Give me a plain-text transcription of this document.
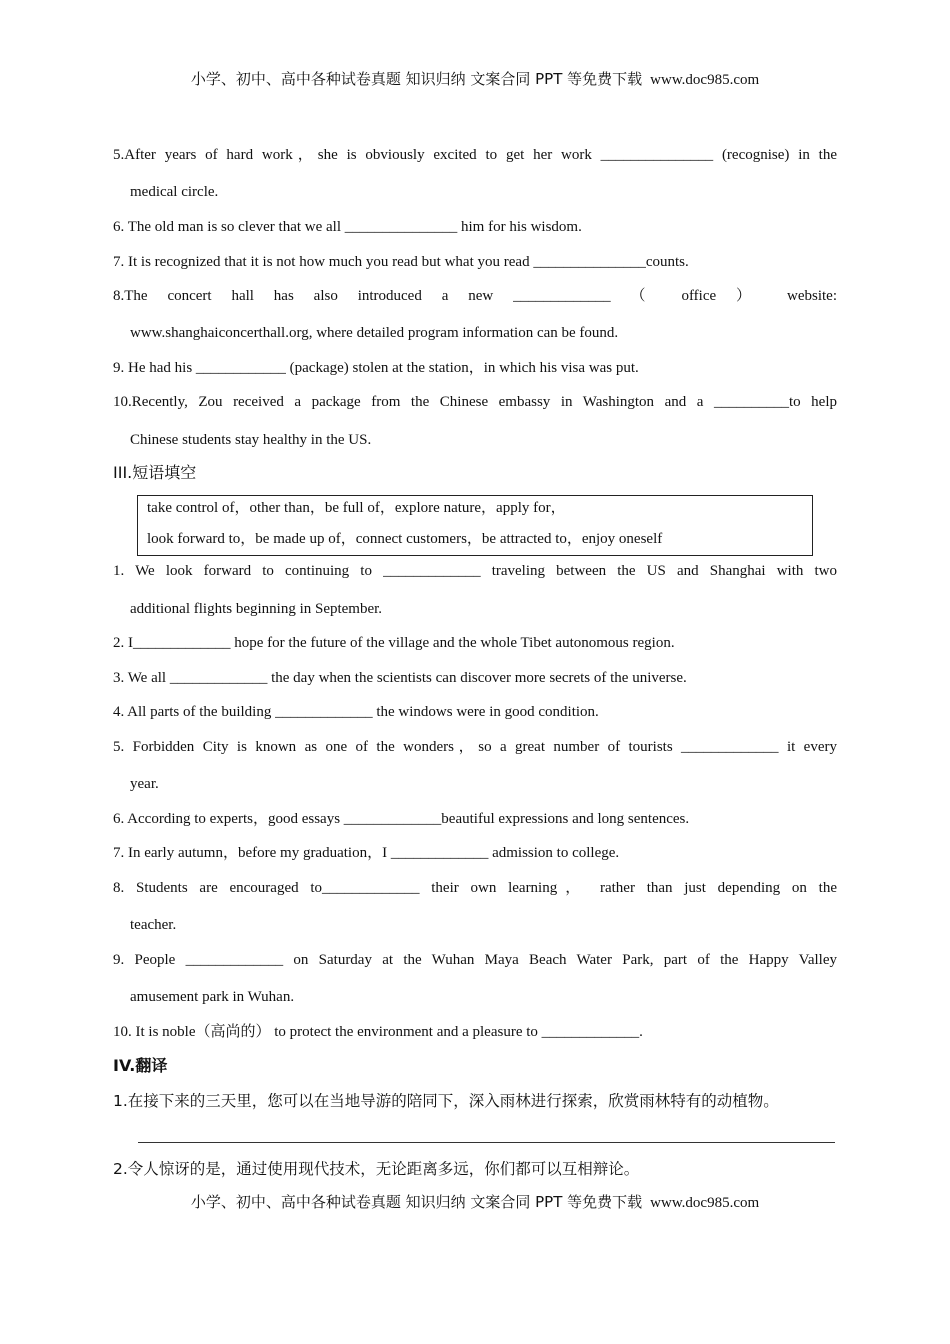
小学、初中、高中各种试卷真题 知识归纳 文案合同 PPT 等免费下载 www.doc985.com
5.After years of hard work，she is obviously excited to get her work _______________ (recognise) in the
medical circle.
6. The old man is so clever that we all _______________ him for his wisdom.
7. It is recognized that it is not how much you read but what you read _______________counts.
8.The concert hall has also introduced a new _____________ （ office ） website:
www.shanghaiconcerthall.org, where detailed program information can be found.
9. He had his ____________ (package) stolen at the station，in which his visa was put.
10.Recently, Zou received a package from the Chinese embassy in Washington and a __________to help
Chinese students stay healthy in the US.
III.短语填空
take control of，other than，be full of，explore nature，apply for，
look forward to，be made up of，connect customers，be attracted to，enjoy oneself
1. We look forward to continuing to _____________ traveling between the US and Shanghai with two
additional flights beginning in September.
2. I_____________ hope for the future of the village and the whole Tibet autonomous region.
3. We all _____________ the day when the scientists can discover more secrets of the universe.
4. All parts of the building _____________ the windows were in good condition.
5. Forbidden City is known as one of the wonders，so a great number of tourists _____________ it every
year.
6. According to experts，good essays _____________beautiful expressions and long sentences.
7. In early autumn，before my graduation，I _____________ admission to college.
8. Students are encouraged to_____________ their own learning， rather than just depending on the
teacher.
9. People _____________ on Saturday at the Wuhan Maya Beach Water Park, part of the Happy Valley
amusement park in Wuhan.
10. It is noble（高尚的） to protect the environment and a pleasure to _____________.
IV.翻译
1.在接下来的三天里，您可以在当地导游的陪同下，深入雨林进行探索，欣赏雨林特有的动植物。
2.令人惊讶的是，通过使用现代技术，无论距离多远，你们都可以互相辩论。
小学、初中、高中各种试卷真题 知识归纳 文案合同 PPT 等免费下载 www.doc985.com
